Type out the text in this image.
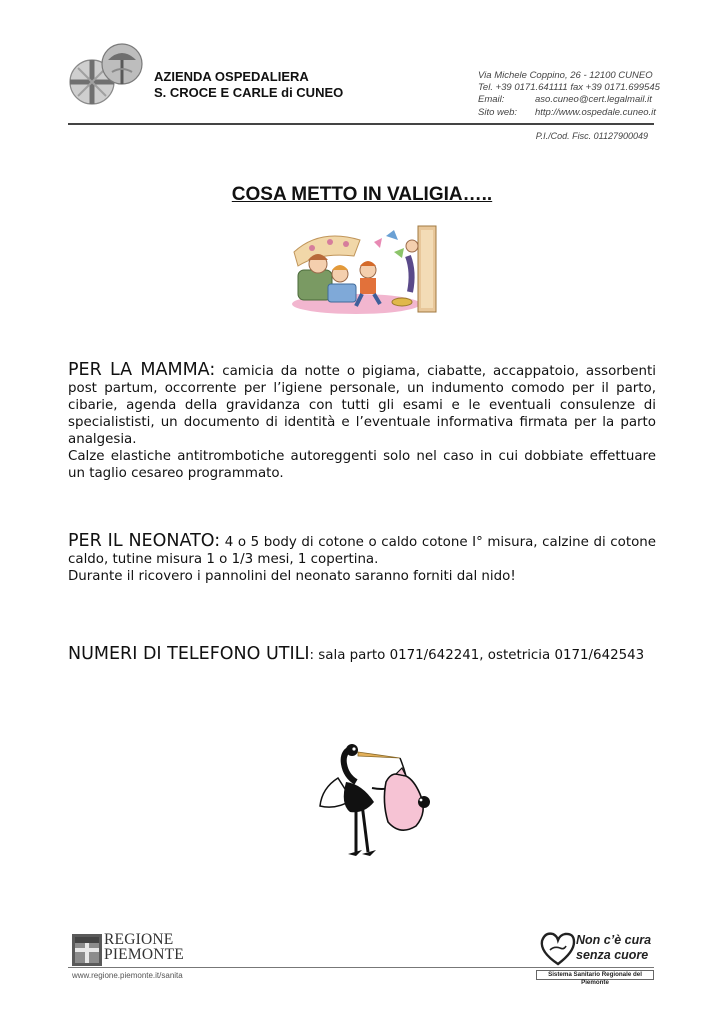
AZIENDA OSPEDALIERA
S. CROCE E CARLE di CUNEO
Via Michele Coppino, 26 - 12100 CUNEO
Tel. +39 0171.641111 fax +39 0171.699545
Email:	aso.cuneo@cert.legalmail.it
Sito web:	http://www.ospedale.cuneo.it
P.I./Cod. Fisc. 01127900049
COSA METTO IN VALIGIA…..

PER LA MAMMA: camicia da notte o pigiama, ciabatte, accappatoio, assorbenti post partum, occorrente per l’igiene personale, un indumento comodo per il parto, cibarie, agenda della gravidanza con tutti gli esami e le eventuali consulenze di specialististi, un documento di identità e l’eventuale informativa firmata per la parto analgesia.

Calze elastiche antitrombotiche autoreggenti solo nel caso in cui dobbiate effettuare un taglio cesareo programmato.

PER IL NEONATO: 4 o 5 body di cotone o caldo cotone I° misura, calzine di cotone caldo, tutine misura 1 o 1/3 mesi, 1 copertina.

Durante il ricovero i pannolini del neonato saranno forniti dal nido!

NUMERI DI TELEFONO UTILI: sala parto 0171/642241, ostetricia 0171/642543

REGIONE
PIEMONTE
www.regione.piemonte.it/sanita
Non c’è cura
senza cuore
Sistema Sanitario Regionale del Piemonte
